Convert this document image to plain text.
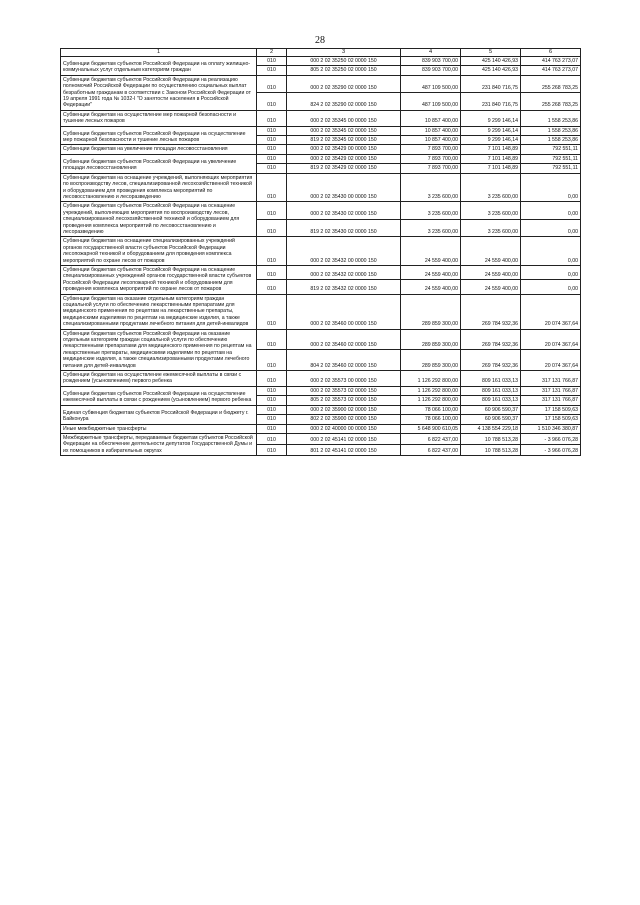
28
1	2	3	4	5	6
Субвенции бюджетам субъектов Российской Федерации на оплату жилищно-коммунальных услуг отдельным категориям граждан	010	000 2 02 35250 02 0000 150	839 903 700,00	425 140 426,93	414 763 273,07
	010	805 2 02 35250 02 0000 150	839 903 700,00	425 140 426,93	414 763 273,07
Субвенции бюджетам субъектов Российской Федерации на реализацию полномочий Российской Федерации по осуществлению социальных выплат безработным гражданам в соответствии с Законом Российской Федерации от 19 апреля 1991 года № 1032-I "О занятости населения в Российской Федерации"	010	000 2 02 35290 02 0000 150	487 109 500,00	231 840 716,75	255 268 783,25
	010	824 2 02 35290 02 0000 150	487 109 500,00	231 840 716,75	255 268 783,25
Субвенции бюджетам на осуществление мер пожарной безопасности и тушение лесных пожаров	010	000 2 02 35345 00 0000 150	10 857 400,00	9 299 146,14	1 558 253,86
Субвенции бюджетам субъектов Российской Федерации на осуществление мер пожарной безопасности и тушение лесных пожаров	010	000 2 02 35345 02 0000 150	10 857 400,00	9 299 146,14	1 558 253,86
	010	819 2 02 35345 02 0000 150	10 857 400,00	9 299 146,14	1 558 253,86
Субвенции бюджетам на увеличение площади лесовосстановления	010	000 2 02 35429 00 0000 150	7 893 700,00	7 101 148,89	792 551,11
Субвенции бюджетам субъектов Российской Федерации на увеличение площади лесовосстановления	010	000 2 02 35429 02 0000 150	7 893 700,00	7 101 148,89	792 551,11
	010	819 2 02 35429 02 0000 150	7 893 700,00	7 101 148,89	792 551,11
Субвенции бюджетам на оснащение учреждений, выполняющих мероприятия по воспроизводству лесов, специализированной лесохозяйственной техникой и оборудованием для проведения комплекса мероприятий по лесовосстановлению и лесоразведению	010	000 2 02 35430 00 0000 150	3 235 600,00	3 235 600,00	0,00
Субвенции бюджетам субъектов Российской Федерации на оснащение учреждений, выполняющих мероприятия по воспроизводству лесов, специализированной лесохозяйственной техникой и оборудованием для проведения комплекса мероприятий по лесовосстановлению и лесоразведению	010	000 2 02 35430 02 0000 150	3 235 600,00	3 235 600,00	0,00
	010	819 2 02 35430 02 0000 150	3 235 600,00	3 235 600,00	0,00
Субвенции бюджетам на оснащение специализированных учреждений органов государственной власти субъектов Российской Федерации лесопожарной техникой и оборудованием для проведения комплекса мероприятий по охране лесов от пожаров	010	000 2 02 35432 00 0000 150	24 559 400,00	24 559 400,00	0,00
Субвенции бюджетам субъектов Российской Федерации на оснащение специализированных учреждений органов государственной власти субъектов Российской Федерации лесопожарной техникой и оборудованием для проведения комплекса мероприятий по охране лесов от пожаров	010	000 2 02 35432 02 0000 150	24 559 400,00	24 559 400,00	0,00
	010	819 2 02 35432 02 0000 150	24 559 400,00	24 559 400,00	0,00
Субвенции бюджетам на оказание отдельным категориям граждан социальной услуги по обеспечению лекарственными препаратами для медицинского применения по рецептам на лекарственные препараты, медицинскими изделиями по рецептам на медицинские изделия, а также специализированными продуктами лечебного питания для детей-инвалидов	010	000 2 02 35460 00 0000 150	289 859 300,00	269 784 932,36	20 074 367,64
Субвенции бюджетам субъектов Российской Федерации на оказание отдельным категориям граждан социальной услуги по обеспечению лекарственными препаратами для медицинского применения по рецептам на лекарственные препараты, медицинскими изделиями по рецептам на медицинские изделия, а также специализированными продуктами лечебного питания для детей-инвалидов	010	000 2 02 35460 02 0000 150	289 859 300,00	269 784 932,36	20 074 367,64
	010	804 2 02 35460 02 0000 150	289 859 300,00	269 784 932,36	20 074 367,64
Субвенции бюджетам на осуществление ежемесячной выплаты в связи с рождением (усыновлением) первого ребенка	010	000 2 02 35573 00 0000 150	1 126 292 800,00	809 161 033,13	317 131 766,87
Субвенции бюджетам субъектов Российской Федерации на осуществление ежемесячной выплаты в связи с рождением (усыновлением) первого ребенка	010	000 2 02 35573 02 0000 150	1 126 292 800,00	809 161 033,13	317 131 766,87
	010	805 2 02 35573 02 0000 150	1 126 292 800,00	809 161 033,13	317 131 766,87
Единая субвенция бюджетам субъектов Российской Федерации и бюджету г. Байконура	010	000 2 02 35900 02 0000 150	78 066 100,00	60 906 590,37	17 158 509,63
	010	802 2 02 35900 02 0000 150	78 066 100,00	60 906 590,37	17 158 509,63
Иные межбюджетные трансферты	010	000 2 02 40000 00 0000 150	5 648 900 610,05	4 138 554 229,18	1 510 346 380,87
Межбюджетные трансферты, передаваемые бюджетам субъектов Российской Федерации на обеспечение деятельности депутатов Государственной Думы и их помощников в избирательных округах	010	000 2 02 45141 02 0000 150	6 822 437,00	10 788 513,28	- 3 966 076,28
	010	801 2 02 45141 02 0000 150	6 822 437,00	10 788 513,28	- 3 966 076,28
